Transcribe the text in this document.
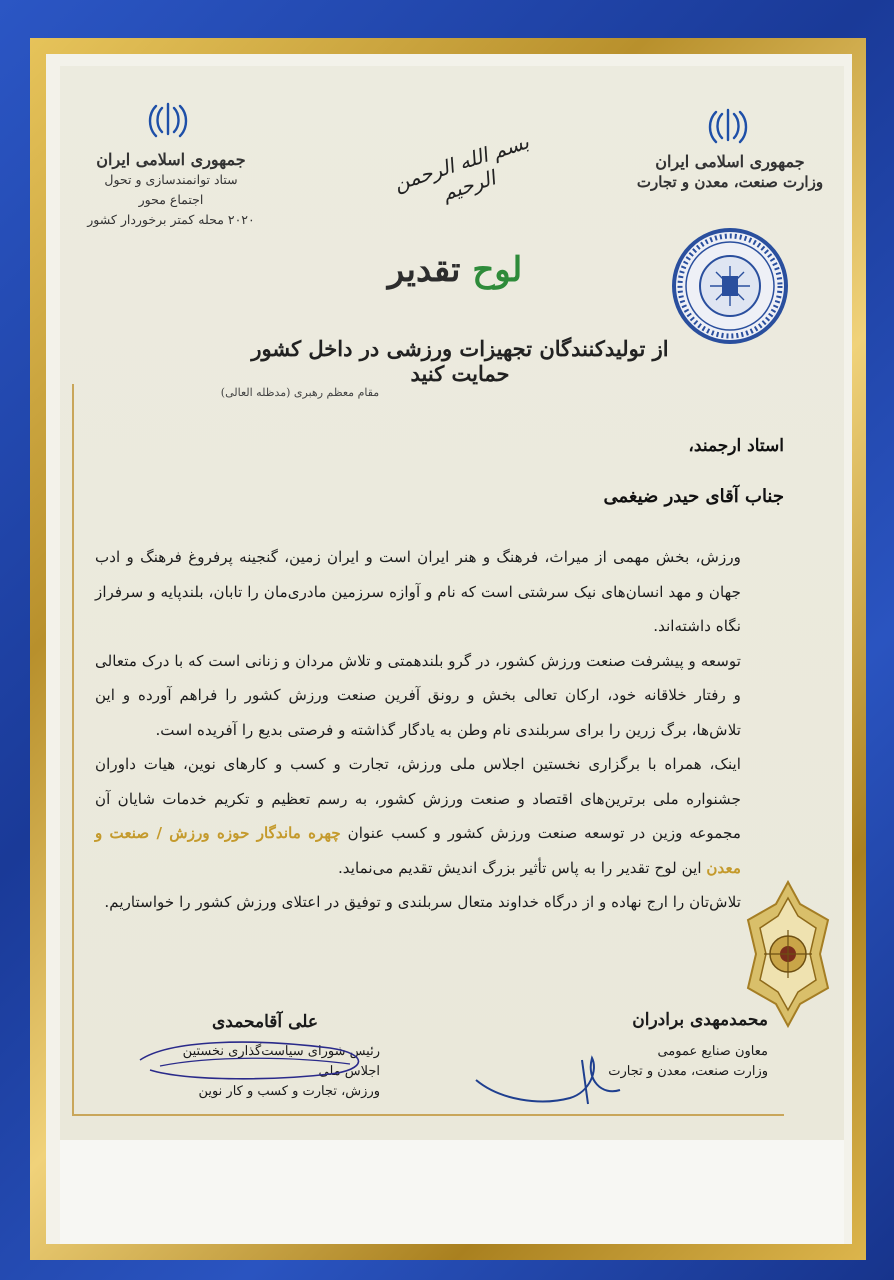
جمهوری اسلامی ایران
ستاد توانمندسازی و تحول اجتماع محور
۲۰۲۰ محله کمتر برخوردار کشور
جمهوری اسلامی ایران
وزارت صنعت، معدن و تجارت
بسم الله الرحمن الرحیم
لوح تقدیر
از تولیدکنندگان تجهیزات ورزشی در داخل کشور حمایت کنید
مقام معظم رهبری (مدظله العالی)
استاد ارجمند،
جناب آقای حیدر ضیغمی

ورزش، بخش مهمی از میراث، فرهنگ و هنر ایران است و ایران زمین، گنجینه پرفروغ فرهنگ و ادب جهان و مهد انسان‌های نیک سرشتی است که نام و آوازه سرزمین مادری‌مان را تابان، بلندپایه و سرفراز نگاه داشته‌اند.

توسعه و پیشرفت صنعت ورزش کشور، در گرو بلندهمتی و تلاش مردان و زنانی است که با درک متعالی و رفتار خلاقانه خود، ارکان تعالی بخش و رونق آفرین صنعت ورزش کشور را فراهم آورده و این تلاش‌ها، برگ زرین را برای سربلندی نام وطن به یادگار گذاشته و فرصتی بدیع را آفریده است.

اینک، همراه با برگزاری نخستین اجلاس ملی ورزش، تجارت و کسب و کارهای نوین، هیات داوران جشنواره ملی برترین‌های اقتصاد و صنعت ورزش کشور، به رسم تعظیم و تکریم خدمات شایان آن مجموعه وزین در توسعه صنعت ورزش کشور و کسب عنوان چهره ماندگار حوزه ورزش / صنعت و معدن این لوح تقدیر را به پاس تأثیر بزرگ اندیش تقدیم می‌نماید.

تلاش‌تان را ارج نهاده و از درگاه خداوند متعال سربلندی و توفیق در اعتلای ورزش کشور را خواستاریم.

محمدمهدی برادران
معاون صنایع عمومی
وزارت صنعت، معدن و تجارت
علی آقامحمدی
رئیس شورای سیاست‌گذاری نخستین اجلاس ملی
ورزش، تجارت و کسب و کار نوین
